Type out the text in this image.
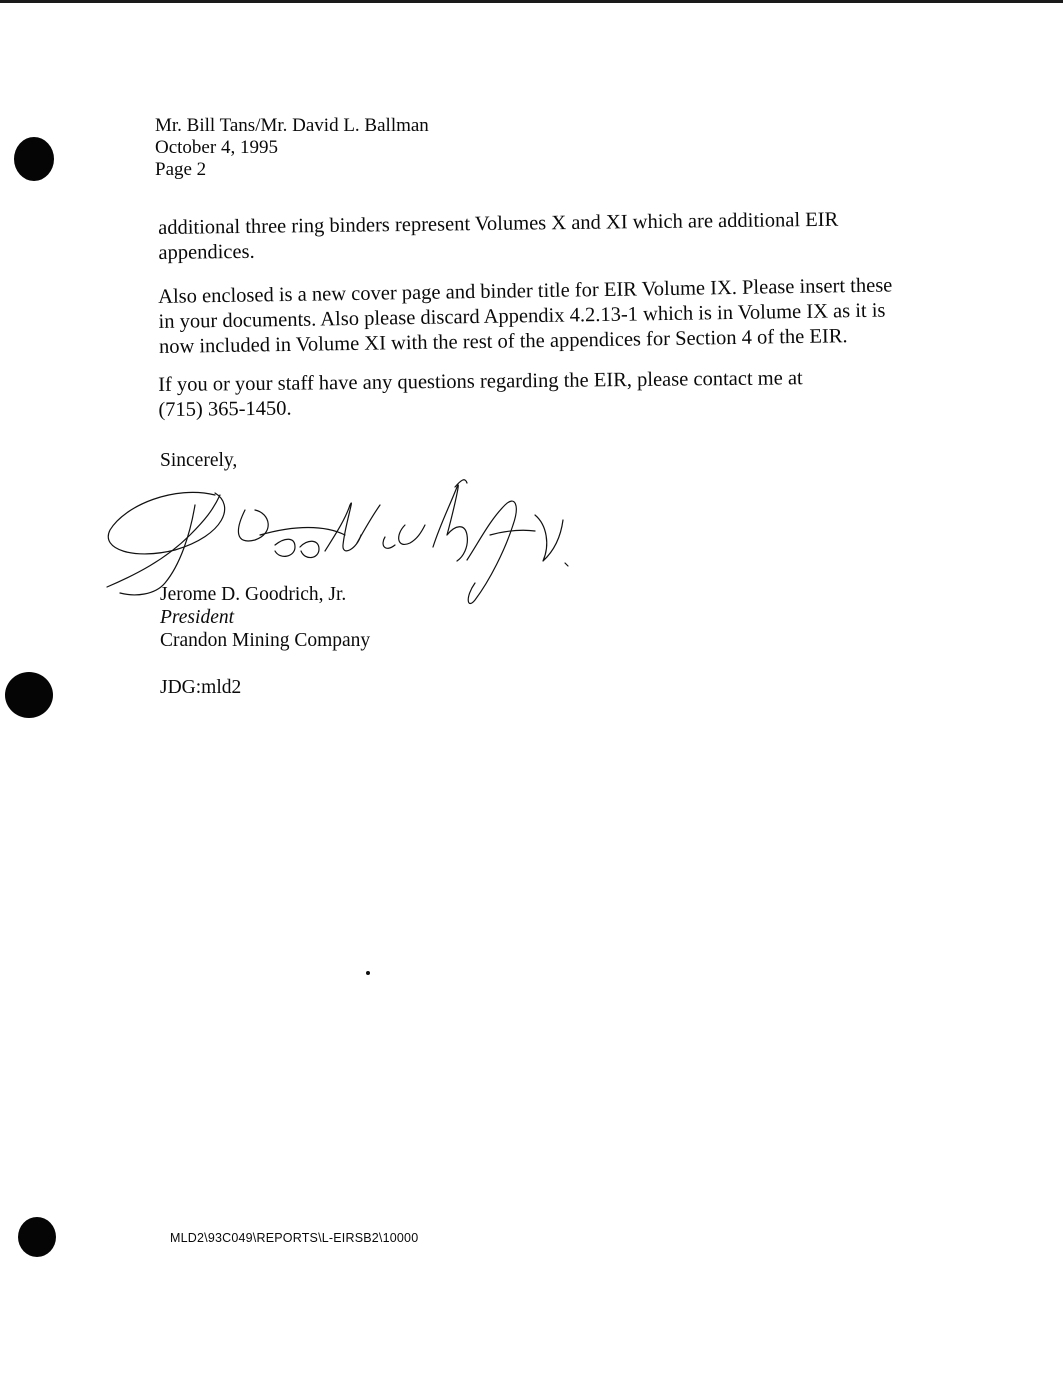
Mr. Bill Tans/Mr. David L. Ballman
October 4, 1995
Page 2
additional three ring binders represent Volumes X and XI which are additional EIR
appendices.
Also enclosed is a new cover page and binder title for EIR Volume IX. Please insert these
in your documents. Also please discard Appendix 4.2.13-1 which is in Volume IX as it is
now included in Volume XI with the rest of the appendices for Section 4 of the EIR.
If you or your staff have any questions regarding the EIR, please contact me at
(715) 365-1450.
Sincerely,
Jerome D. Goodrich, Jr.
President
Crandon Mining Company
JDG:mld2
MLD2\93C049\REPORTS\L-EIRSB2\10000
